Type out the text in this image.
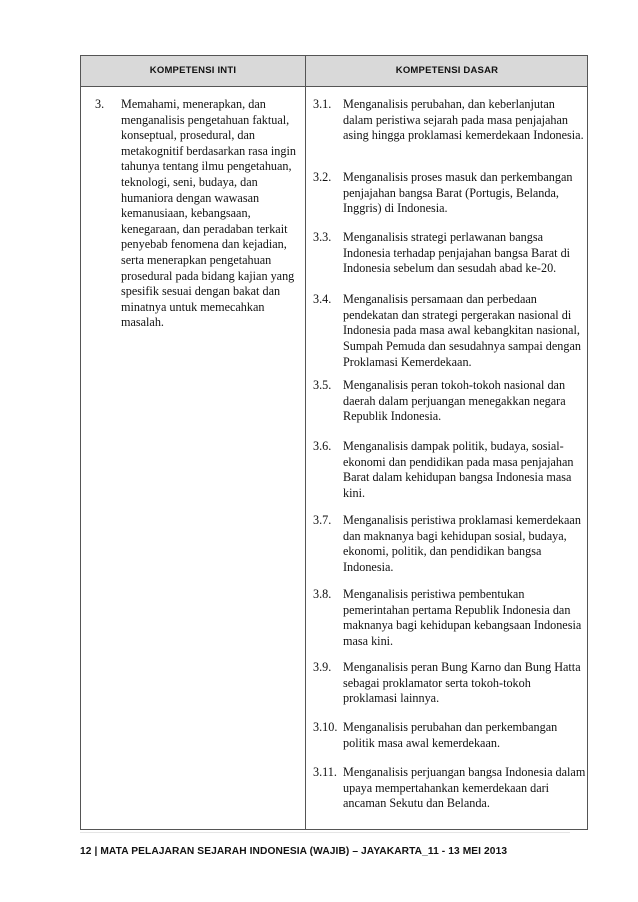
KOMPETENSI INTI	KOMPETENSI DASAR
3. Memahami, menerapkan, dan menganalisis pengetahuan faktual, konseptual, prosedural, dan metakognitif berdasarkan rasa ingin tahunya tentang ilmu pengetahuan, teknologi, seni, budaya, dan humaniora dengan wawasan kemanusiaan, kebangsaan, kenegaraan, dan peradaban terkait penyebab fenomena dan kejadian, serta menerapkan pengetahuan prosedural pada bidang kajian yang spesifik sesuai dengan bakat dan minatnya untuk memecahkan masalah.
3.1. Menganalisis perubahan, dan keberlanjutan dalam peristiwa sejarah pada masa penjajahan asing hingga proklamasi kemerdekaan Indonesia.
3.2. Menganalisis proses masuk dan perkembangan penjajahan bangsa Barat (Portugis, Belanda, Inggris) di Indonesia.
3.3. Menganalisis strategi perlawanan bangsa Indonesia terhadap penjajahan bangsa Barat di Indonesia sebelum dan sesudah abad ke-20.
3.4. Menganalisis persamaan dan perbedaan pendekatan dan strategi pergerakan nasional di Indonesia pada masa awal kebangkitan nasional, Sumpah Pemuda dan sesudahnya sampai dengan Proklamasi Kemerdekaan.
3.5. Menganalisis peran tokoh-tokoh nasional dan daerah dalam perjuangan menegakkan negara Republik Indonesia.
3.6. Menganalisis dampak politik, budaya, sosial-ekonomi dan pendidikan pada masa penjajahan Barat dalam kehidupan bangsa Indonesia masa kini.
3.7. Menganalisis peristiwa proklamasi kemerdekaan dan maknanya bagi kehidupan sosial, budaya, ekonomi, politik, dan pendidikan bangsa Indonesia.
3.8. Menganalisis peristiwa pembentukan pemerintahan pertama Republik Indonesia dan maknanya bagi kehidupan kebangsaan Indonesia masa kini.
3.9. Menganalisis peran Bung Karno dan Bung Hatta sebagai proklamator serta tokoh-tokoh proklamasi lainnya.
3.10. Menganalisis perubahan dan perkembangan politik masa awal kemerdekaan.
3.11. Menganalisis perjuangan bangsa Indonesia dalam upaya mempertahankan kemerdekaan dari ancaman Sekutu dan Belanda.
12 | MATA PELAJARAN SEJARAH INDONESIA (WAJIB) – JAYAKARTA_11 - 13 MEI 2013
